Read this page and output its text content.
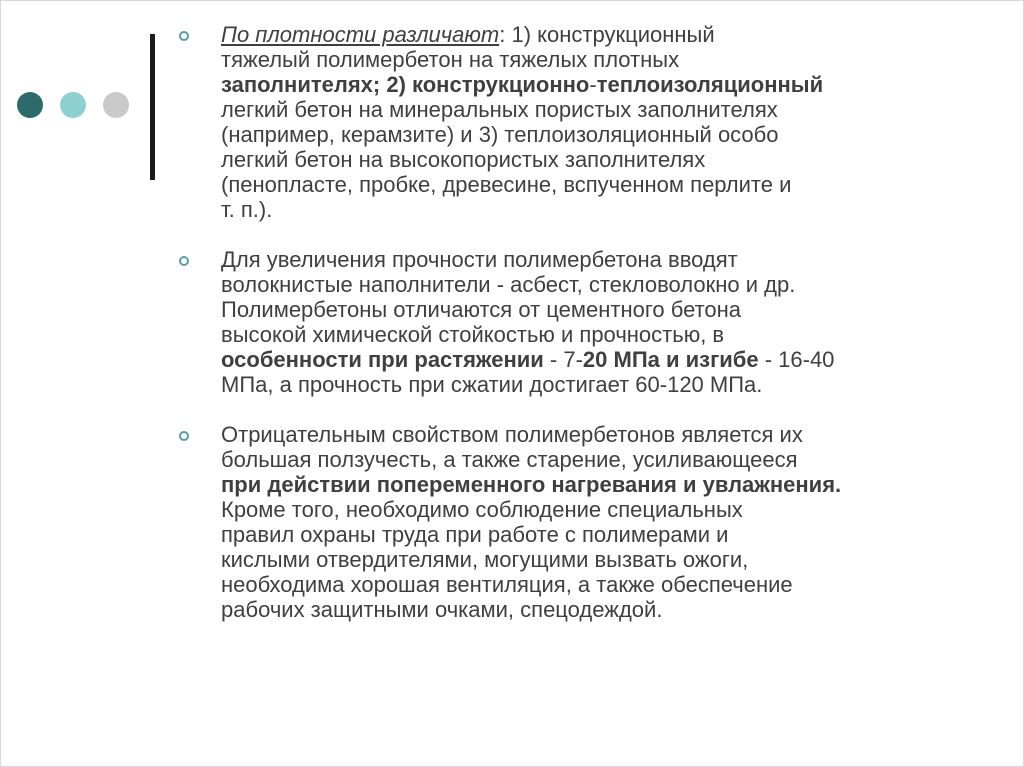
По плотности различают: 1) конструкционный
тяжелый полимербетон на тяжелых плотных
заполнителях; 2) конструкционно-теплоизоляционный
легкий бетон на минеральных пористых заполнителях
(например, керамзите) и 3) теплоизоляционный особо
легкий бетон на высокопористых заполнителях
(пенопласте, пробке, древесине, вспученном перлите и
т. п.).
Для увеличения прочности полимербетона вводят
волокнистые наполнители - асбест, стекловолокно и др.
Полимербетоны отличаются от цементного бетона
высокой химической стойкостью и прочностью, в
особенности при растяжении - 7-20 МПа и изгибе - 16-40
МПа, а прочность при сжатии достигает 60-120 МПа.
Отрицательным свойством полимербетонов является их
большая ползучесть, а также старение, усиливающееся
при действии попеременного нагревания и увлажнения.
Кроме того, необходимо соблюдение специальных
правил охраны труда при работе с полимерами и
кислыми отвердителями, могущими вызвать ожоги,
необходима хорошая вентиляция, а также обеспечение
рабочих защитными очками, спецодеждой.
